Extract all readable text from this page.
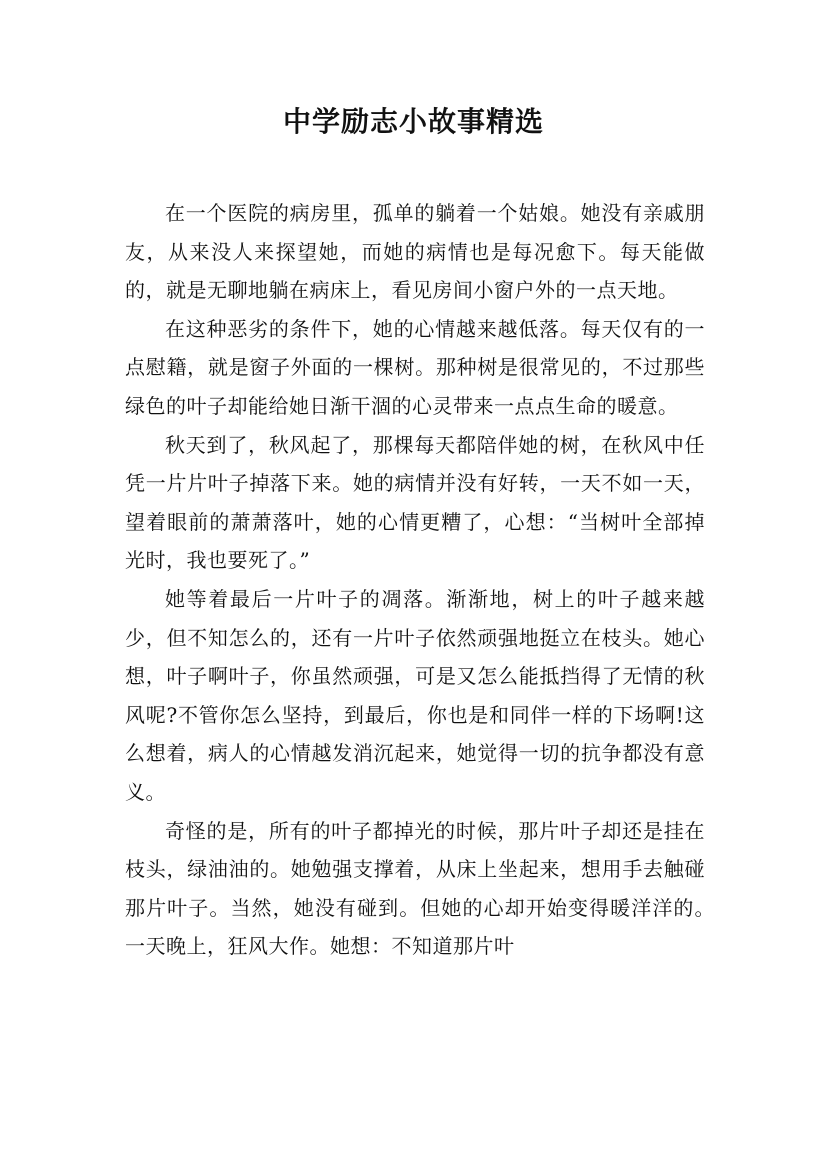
中学励志小故事精选

在一个医院的病房里，孤单的躺着一个姑娘。她没有亲戚朋友，从来没人来探望她，而她的病情也是每况愈下。每天能做的，就是无聊地躺在病床上，看见房间小窗户外的一点天地。

在这种恶劣的条件下，她的心情越来越低落。每天仅有的一点慰籍，就是窗子外面的一棵树。那种树是很常见的，不过那些绿色的叶子却能给她日渐干涸的心灵带来一点点生命的暖意。

秋天到了，秋风起了，那棵每天都陪伴她的树，在秋风中任凭一片片叶子掉落下来。她的病情并没有好转，一天不如一天，望着眼前的萧萧落叶，她的心情更糟了，心想：“当树叶全部掉光时，我也要死了。”

她等着最后一片叶子的凋落。渐渐地，树上的叶子越来越少，但不知怎么的，还有一片叶子依然顽强地挺立在枝头。她心想，叶子啊叶子，你虽然顽强，可是又怎么能抵挡得了无情的秋风呢?不管你怎么坚持，到最后，你也是和同伴一样的下场啊!这么想着，病人的心情越发消沉起来，她觉得一切的抗争都没有意义。

奇怪的是，所有的叶子都掉光的时候，那片叶子却还是挂在枝头，绿油油的。她勉强支撑着，从床上坐起来，想用手去触碰那片叶子。当然，她没有碰到。但她的心却开始变得暖洋洋的。　一天晚上，狂风大作。她想：不知道那片叶
